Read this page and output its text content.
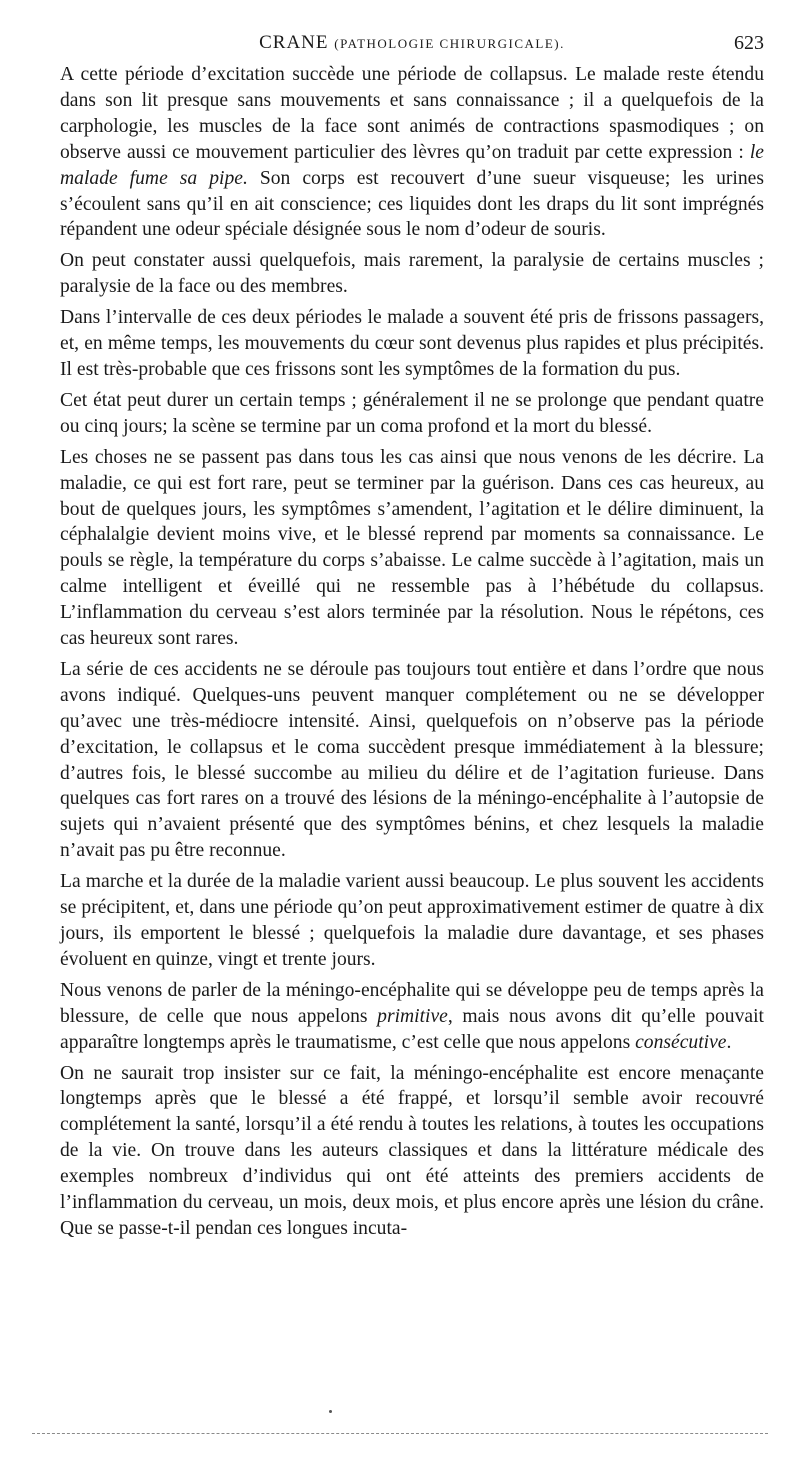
CRANE (PATHOLOGIE CHIRURGICALE).	623

A cette période d’excitation succède une période de collapsus. Le malade reste étendu dans son lit presque sans mouvements et sans connaissance ; il a quelquefois de la carphologie, les muscles de la face sont animés de contractions spasmodiques ; on observe aussi ce mouvement particulier des lèvres qu’on traduit par cette expression : le malade fume sa pipe. Son corps est recouvert d’une sueur visqueuse; les urines s’écoulent sans qu’il en ait conscience; ces liquides dont les draps du lit sont imprégnés répandent une odeur spéciale désignée sous le nom d’odeur de souris.

On peut constater aussi quelquefois, mais rarement, la paralysie de certains muscles ; paralysie de la face ou des membres.

Dans l’intervalle de ces deux périodes le malade a souvent été pris de frissons passagers, et, en même temps, les mouvements du cœur sont devenus plus rapides et plus précipités. Il est très-probable que ces frissons sont les symptômes de la formation du pus.

Cet état peut durer un certain temps ; généralement il ne se prolonge que pendant quatre ou cinq jours; la scène se termine par un coma profond et la mort du blessé.

Les choses ne se passent pas dans tous les cas ainsi que nous venons de les décrire. La maladie, ce qui est fort rare, peut se terminer par la guérison. Dans ces cas heureux, au bout de quelques jours, les symptômes s’amendent, l’agitation et le délire diminuent, la céphalalgie devient moins vive, et le blessé reprend par moments sa connaissance. Le pouls se règle, la température du corps s’abaisse. Le calme succède à l’agitation, mais un calme intelligent et éveillé qui ne ressemble pas à l’hébétude du collapsus. L’inflammation du cerveau s’est alors terminée par la résolution. Nous le répétons, ces cas heureux sont rares.

La série de ces accidents ne se déroule pas toujours tout entière et dans l’ordre que nous avons indiqué. Quelques-uns peuvent manquer complétement ou ne se développer qu’avec une très-médiocre intensité. Ainsi, quelquefois on n’observe pas la période d’excitation, le collapsus et le coma succèdent presque immédiatement à la blessure; d’autres fois, le blessé succombe au milieu du délire et de l’agitation furieuse. Dans quelques cas fort rares on a trouvé des lésions de la méningo-encéphalite à l’autopsie de sujets qui n’avaient présenté que des symptômes bénins, et chez lesquels la maladie n’avait pas pu être reconnue.

La marche et la durée de la maladie varient aussi beaucoup. Le plus souvent les accidents se précipitent, et, dans une période qu’on peut approximativement estimer de quatre à dix jours, ils emportent le blessé ; quelquefois la maladie dure davantage, et ses phases évoluent en quinze, vingt et trente jours.

Nous venons de parler de la méningo-encéphalite qui se développe peu de temps après la blessure, de celle que nous appelons primitive, mais nous avons dit qu’elle pouvait apparaître longtemps après le traumatisme, c’est celle que nous appelons consécutive.

On ne saurait trop insister sur ce fait, la méningo-encéphalite est encore menaçante longtemps après que le blessé a été frappé, et lorsqu’il semble avoir recouvré complétement la santé, lorsqu’il a été rendu à toutes les relations, à toutes les occupations de la vie. On trouve dans les auteurs classiques et dans la littérature médicale des exemples nombreux d’individus qui ont été atteints des premiers accidents de l’inflammation du cerveau, un mois, deux mois, et plus encore après une lésion du crâne. Que se passe-t-il pendan ces longues incuta-
